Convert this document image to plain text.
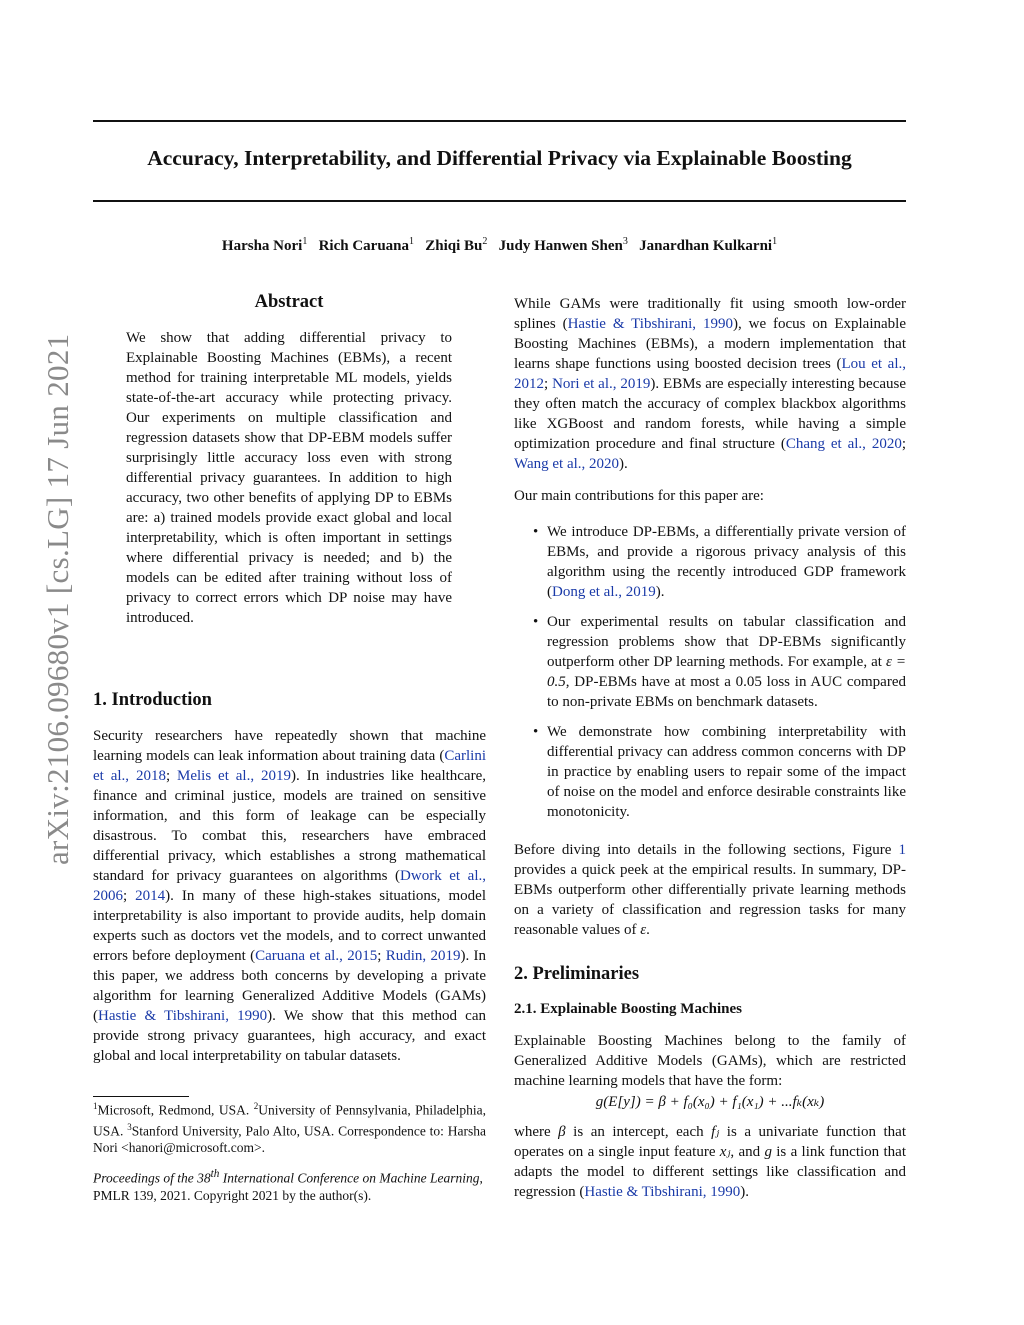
arXiv:2106.09680v1 [cs.LG] 17 Jun 2021
Accuracy, Interpretability, and Differential Privacy via Explainable Boosting
Harsha Nori$^1$ Rich Caruana$^1$ Zhiqi Bu$^2$ Judy Hanwen Shen$^3$ Janardhan Kulkarni$^1$
Abstract
We show that adding differential privacy to Explainable Boosting Machines (EBMs), a recent method for training interpretable ML models, yields state-of-the-art accuracy while protecting privacy. Our experiments on multiple classification and regression datasets show that DP-EBM models suffer surprisingly little accuracy loss even with strong differential privacy guarantees. In addition to high accuracy, two other benefits of applying DP to EBMs are: a) trained models provide exact global and local interpretability, which is often important in settings where differential privacy is needed; and b) the models can be edited after training without loss of privacy to correct errors which DP noise may have introduced.
1. Introduction
Security researchers have repeatedly shown that machine learning models can leak information about training data (Carlini et al., 2018; Melis et al., 2019). In industries like healthcare, finance and criminal justice, models are trained on sensitive information, and this form of leakage can be especially disastrous. To combat this, researchers have embraced differential privacy, which establishes a strong mathematical standard for privacy guarantees on algorithms (Dwork et al., 2006; 2014). In many of these high-stakes situations, model interpretability is also important to provide audits, help domain experts such as doctors vet the models, and to correct unwanted errors before deployment (Caruana et al., 2015; Rudin, 2019). In this paper, we address both concerns by developing a private algorithm for learning Generalized Additive Models (GAMs) (Hastie & Tibshirani, 1990). We show that this method can provide strong privacy guarantees, high accuracy, and exact global and local interpretability on tabular datasets.
$^1$Microsoft, Redmond, USA. $^2$University of Pennsylvania, Philadelphia, USA. $^3$Stanford University, Palo Alto, USA. Correspondence to: Harsha Nori <hanori@microsoft.com>.
Proceedings of the 38th International Conference on Machine Learning, PMLR 139, 2021. Copyright 2021 by the author(s).
While GAMs were traditionally fit using smooth low-order splines (Hastie & Tibshirani, 1990), we focus on Explainable Boosting Machines (EBMs), a modern implementation that learns shape functions using boosted decision trees (Lou et al., 2012; Nori et al., 2019). EBMs are especially interesting because they often match the accuracy of complex blackbox algorithms like XGBoost and random forests, while having a simple optimization procedure and final structure (Chang et al., 2020; Wang et al., 2020).
Our main contributions for this paper are:
• We introduce DP-EBMs, a differentially private version of EBMs, and provide a rigorous privacy analysis of this algorithm using the recently introduced GDP framework (Dong et al., 2019).
• Our experimental results on tabular classification and regression problems show that DP-EBMs significantly outperform other DP learning methods. For example, at ε = 0.5, DP-EBMs have at most a 0.05 loss in AUC compared to non-private EBMs on benchmark datasets.
• We demonstrate how combining interpretability with differential privacy can address common concerns with DP in practice by enabling users to repair some of the impact of noise on the model and enforce desirable constraints like monotonicity.
Before diving into details in the following sections, Figure 1 provides a quick peek at the empirical results. In summary, DP-EBMs outperform other differentially private learning methods on a variety of classification and regression tasks for many reasonable values of ε.
2. Preliminaries
2.1. Explainable Boosting Machines
Explainable Boosting Machines belong to the family of Generalized Additive Models (GAMs), which are restricted machine learning models that have the form:
g(E[y]) = β + f₀(x₀) + f₁(x₁) + ...fₖ(xₖ)
where β is an intercept, each fⱼ is a univariate function that operates on a single input feature xⱼ, and g is a link function that adapts the model to different settings like classification and regression (Hastie & Tibshirani, 1990).
